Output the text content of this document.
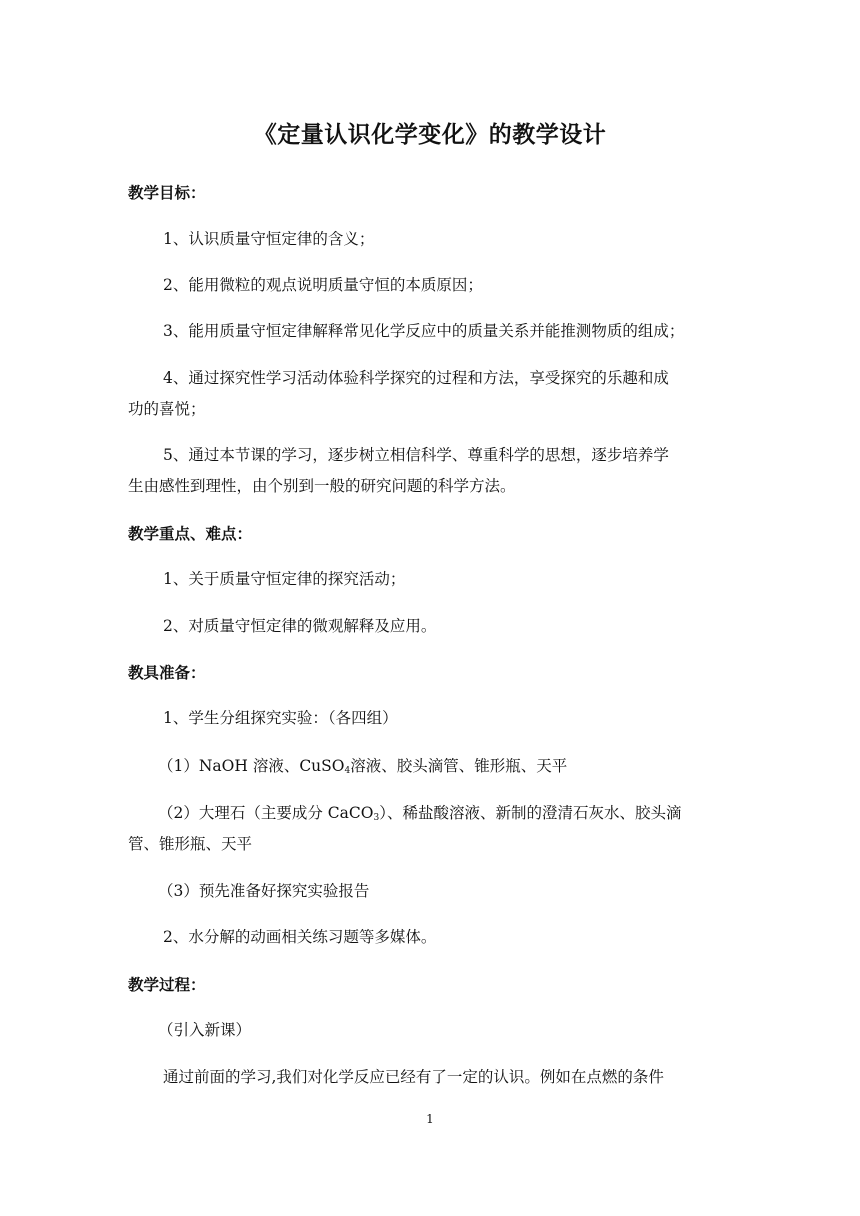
《定量认识化学变化》的教学设计
教学目标：
1、认识质量守恒定律的含义；
2、能用微粒的观点说明质量守恒的本质原因；
3、能用质量守恒定律解释常见化学反应中的质量关系并能推测物质的组成；
4、通过探究性学习活动体验科学探究的过程和方法，享受探究的乐趣和成
功的喜悦；
5、通过本节课的学习，逐步树立相信科学、尊重科学的思想，逐步培养学
生由感性到理性，由个别到一般的研究问题的科学方法。
教学重点、难点：
1、关于质量守恒定律的探究活动；
2、对质量守恒定律的微观解释及应用。
教具准备：
1、学生分组探究实验：（各四组）
（1）NaOH 溶液、CuSO$_4$溶液、胶头滴管、锥形瓶、天平
（2）大理石（主要成分 CaCO$_3$）、稀盐酸溶液、新制的澄清石灰水、胶头滴
管、锥形瓶、天平
（3）预先准备好探究实验报告
2、水分解的动画相关练习题等多媒体。
教学过程：
（引入新课）
通过前面的学习,我们对化学反应已经有了一定的认识。例如在点燃的条件
1
